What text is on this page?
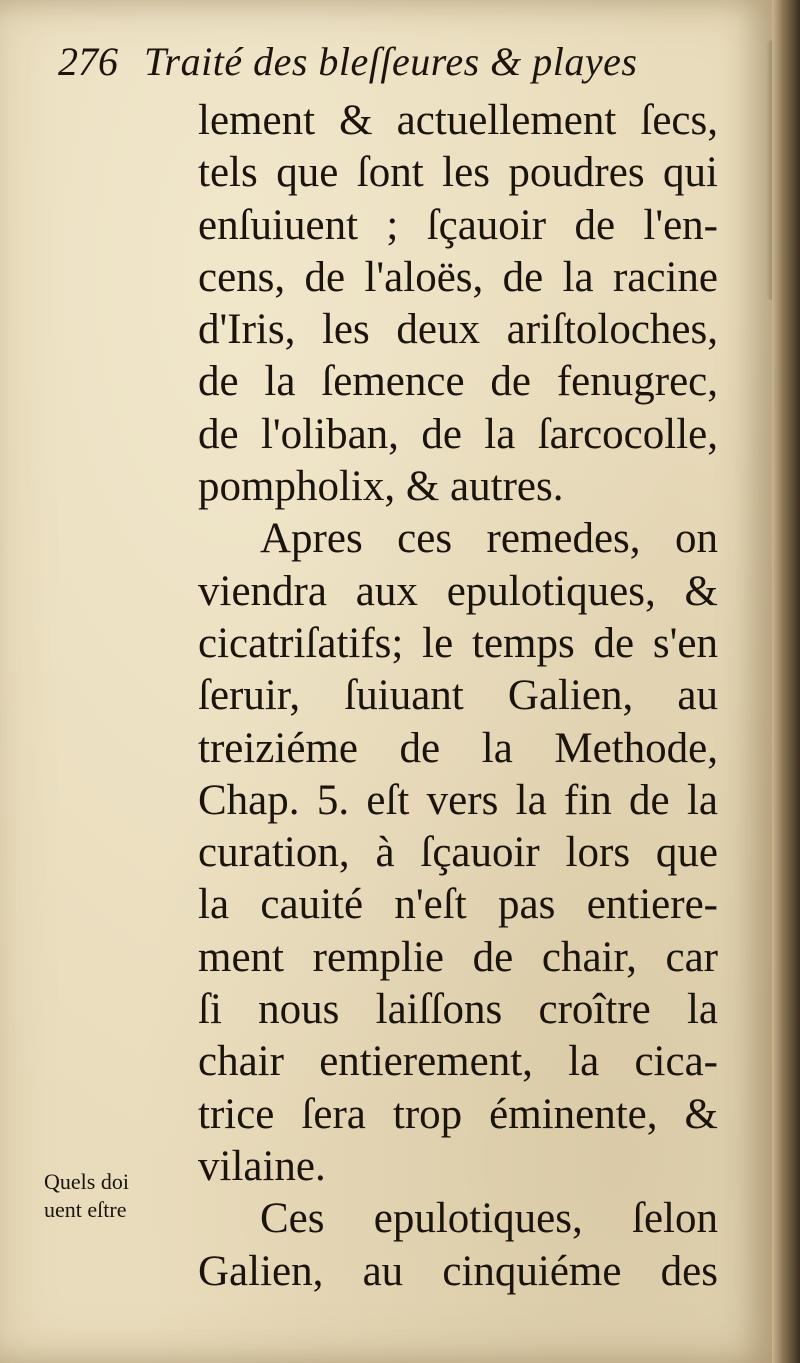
276 Traité des bleſſeures & playes
lement & actuellement ſecs,
tels que ſont les poudres qui
enſuiuent ; ſçauoir de l'en-
cens, de l'aloës, de la racine
d'Iris, les deux ariſtoloches,
de la ſemence de fenugrec,
de l'oliban, de la ſarcocolle,
pompholix, & autres.
Apres ces remedes, on
viendra aux epulotiques, &
cicatriſatifs; le temps de s'en
ſeruir, ſuiuant Galien, au
treiziéme de la Methode,
Chap. 5. eſt vers la fin de la
curation, à ſçauoir lors que
la cauité n'eſt pas entiere-
ment remplie de chair, car
ſi nous laiſſons croître la
chair entierement, la cica-
trice ſera trop éminente, &
vilaine.
Ces epulotiques, ſelon
Galien, au cinquiéme des
Quels doi
uent eſtre
